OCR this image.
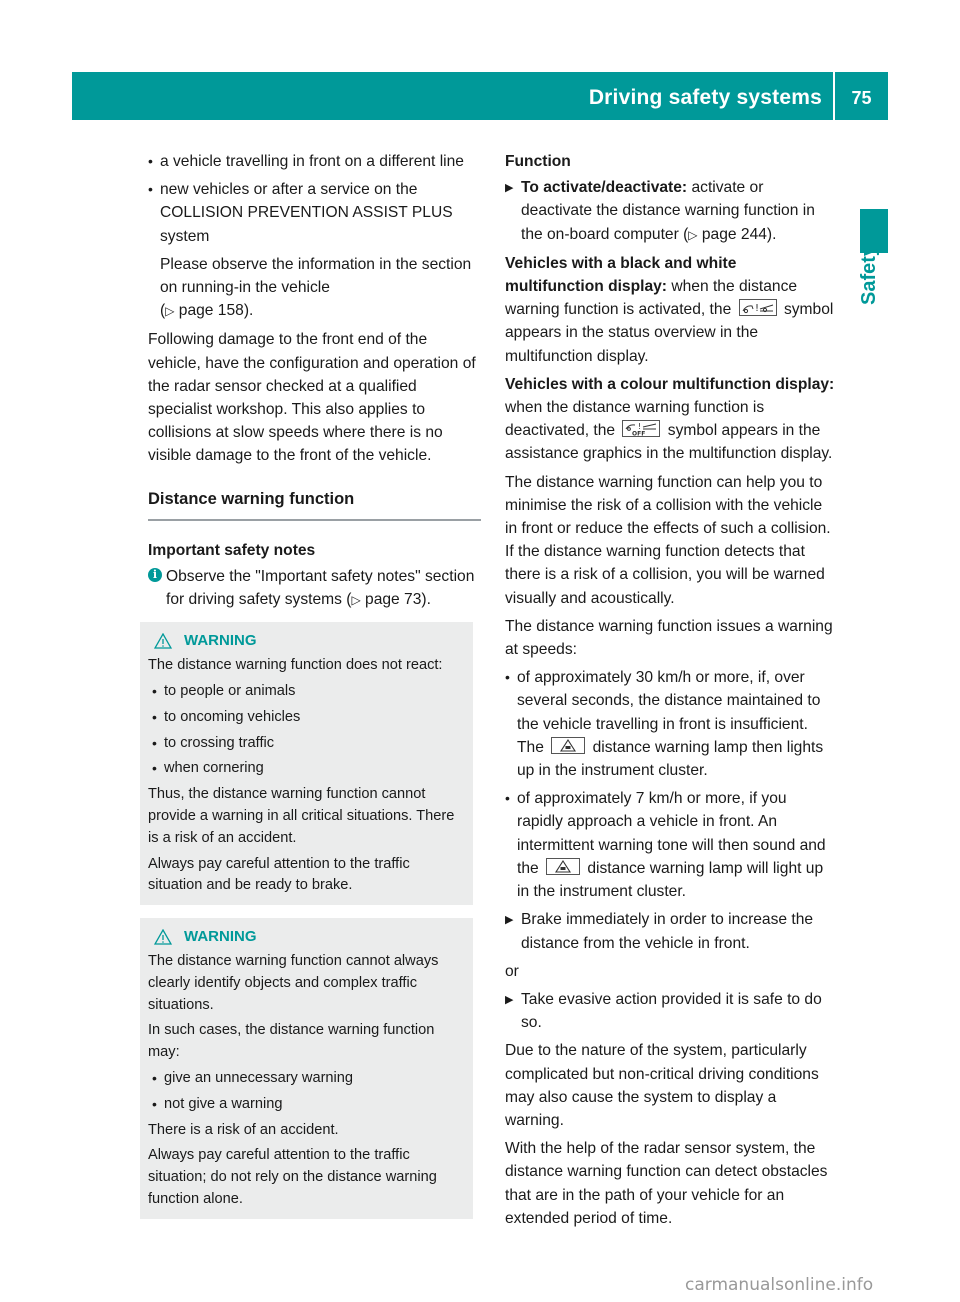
Driving safety systems	75
Safety
• a vehicle travelling in front on a different line
• new vehicles or after a service on the COLLISION PREVENTION ASSIST PLUS system
Please observe the information in the section on running-in the vehicle
(▷ page 158).

Following damage to the front end of the vehicle, have the configuration and operation of the radar sensor checked at a qualified specialist workshop. This also applies to collisions at slow speeds where there is no visible damage to the front of the vehicle.

Distance warning function
Important safety notes
i Observe the "Important safety notes" section for driving safety systems (▷ page 73).
WARNING

The distance warning function does not react:

• to people or animals
• to oncoming vehicles
• to crossing traffic
• when cornering

Thus, the distance warning function cannot provide a warning in all critical situations. There is a risk of an accident.

Always pay careful attention to the traffic situation and be ready to brake.

WARNING

The distance warning function cannot always clearly identify objects and complex traffic situations.

In such cases, the distance warning function may:

• give an unnecessary warning
• not give a warning

There is a risk of an accident.

Always pay careful attention to the traffic situation; do not rely on the distance warning function alone.

Function
▶ To activate/deactivate: activate or deactivate the distance warning function in the on-board computer (▷ page 244).

Vehicles with a black and white multifunction display: when the distance warning function is activated, the ! symbol appears in the status overview in the multifunction display.

Vehicles with a colour multifunction display: when the distance warning function is deactivated, the	!
OFF symbol appears in the assistance graphics in the multifunction display.

The distance warning function can help you to minimise the risk of a collision with the vehicle in front or reduce the effects of such a collision. If the distance warning function detects that there is a risk of a collision, you will be warned visually and acoustically.

The distance warning function issues a warning at speeds:

• of approximately 30 km/h or more, if, over several seconds, the distance maintained to the vehicle travelling in front is insufficient. The	distance warning lamp then lights up in the instrument cluster.
• of approximately 7 km/h or more, if you rapidly approach a vehicle in front. An intermittent warning tone will then sound and the	distance warning lamp will light up in the instrument cluster.
▶ Brake immediately in order to increase the distance from the vehicle in front.

or

▶ Take evasive action provided it is safe to do so.

Due to the nature of the system, particularly complicated but non-critical driving conditions may also cause the system to display a warning.

With the help of the radar sensor system, the distance warning function can detect obstacles that are in the path of your vehicle for an extended period of time.

carmanualsonline.info
